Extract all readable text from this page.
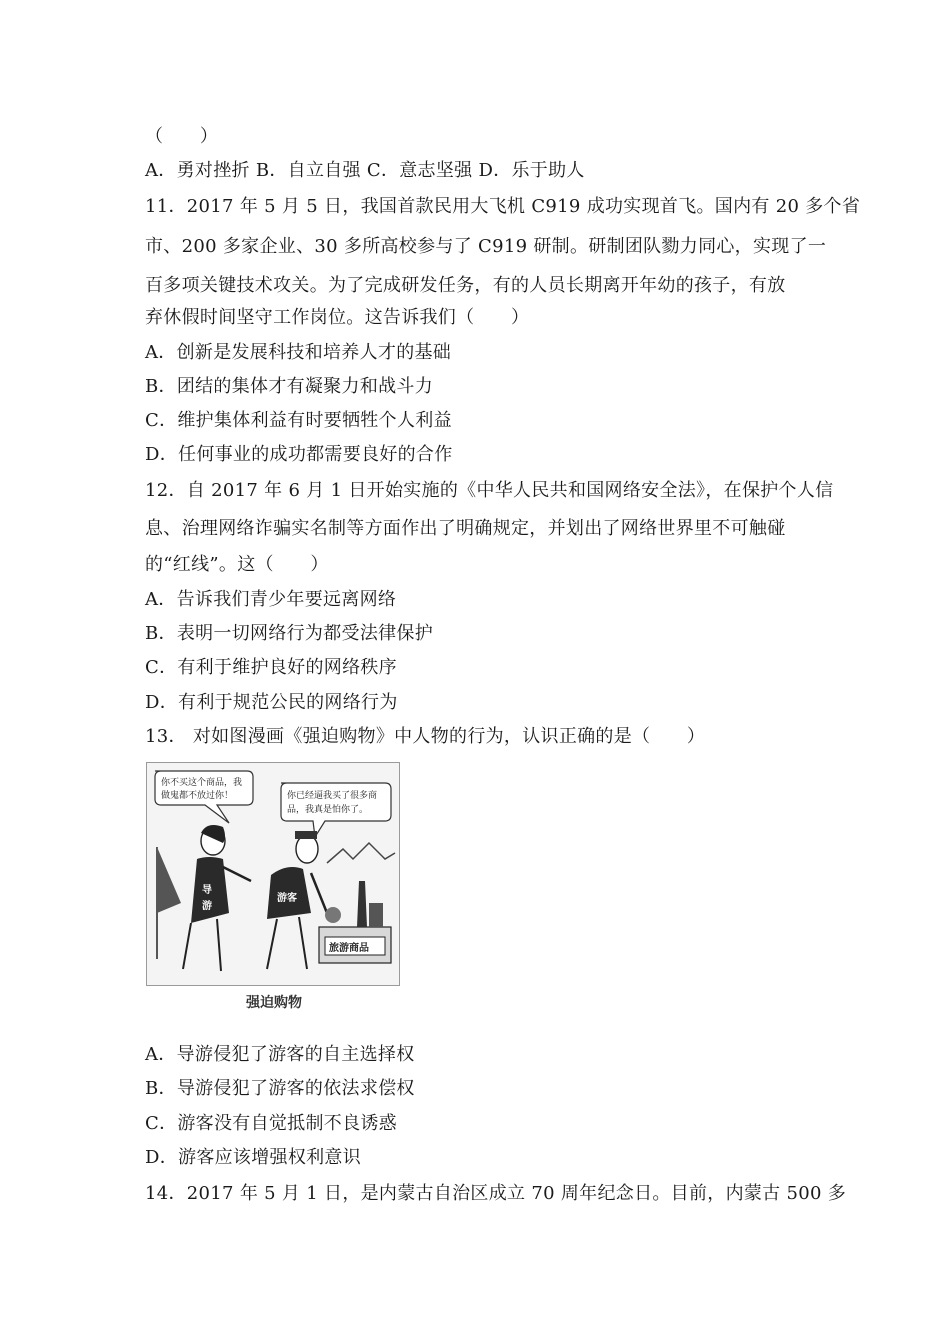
（　　）
A．勇对挫折 B．自立自强 C．意志坚强 D．乐于助人
11．2017 年 5 月 5 日，我国首款民用大飞机 C919 成功实现首飞。国内有 20 多个省
市、200 多家企业、30 多所高校参与了 C919 研制。研制团队勠力同心，实现了一
百多项关键技术攻关。为了完成研发任务，有的人员长期离开年幼的孩子，有放
弃休假时间坚守工作岗位。这告诉我们（　　）
A．创新是发展科技和培养人才的基础
B．团结的集体才有凝聚力和战斗力
C．维护集体利益有时要牺牲个人利益
D．任何事业的成功都需要良好的合作
12．自 2017 年 6 月 1 日开始实施的《中华人民共和国网络安全法》，在保护个人信
息、治理网络诈骗实名制等方面作出了明确规定，并划出了网络世界里不可触碰
的“红线”。这（　　）
A．告诉我们青少年要远离网络
B．表明一切网络行为都受法律保护
C．有利于维护良好的网络秩序
D．有利于规范公民的网络行为
13． 对如图漫画《强迫购物》中人物的行为，认识正确的是（　　）
你不买这个商品，我
做鬼都不放过你！	你已经逼我买了很多商
品，我真是怕你了。
导
游
游客
旅游商品
强迫购物
A．导游侵犯了游客的自主选择权
B．导游侵犯了游客的依法求偿权
C．游客没有自觉抵制不良诱惑
D．游客应该增强权利意识
14．2017 年 5 月 1 日，是内蒙古自治区成立 70 周年纪念日。目前，内蒙古 500 多
